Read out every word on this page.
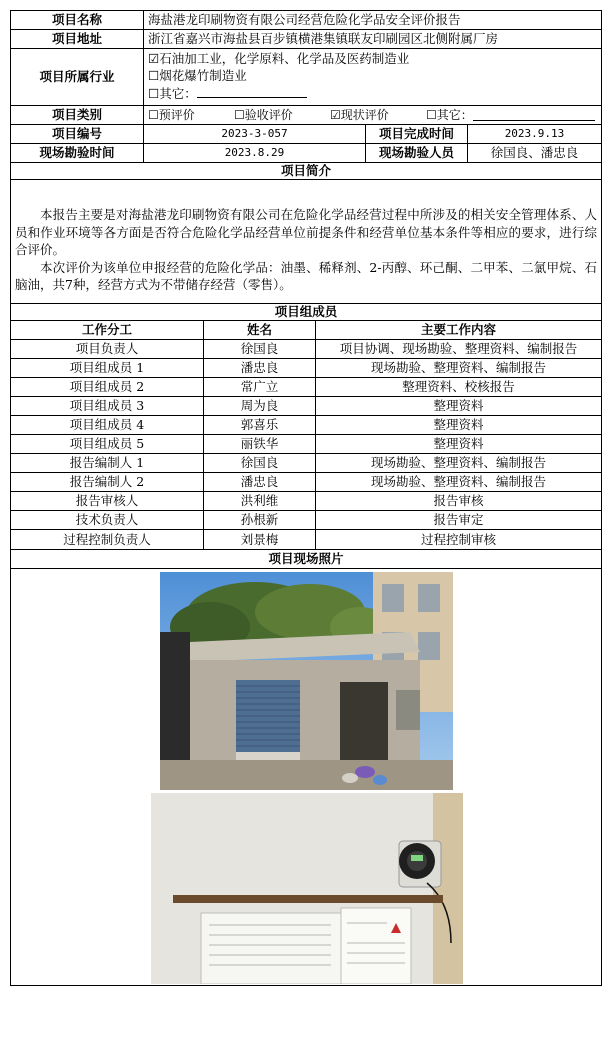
项目名称	海盐港龙印刷物资有限公司经营危险化学品安全评价报告
项目地址	浙江省嘉兴市海盐县百步镇横港集镇联友印刷园区北侧附属厂房
项目所属行业
☑石油加工业，化学原料、化学品及医药制造业
☐烟花爆竹制造业
☐其它：
项目类别	☐预评价	☐验收评价	☑现状评价	☐其它：
项目编号	2023-3-057	项目完成时间	2023.9.13
现场勘验时间	2023.8.29	现场勘验人员	徐国良、潘忠良
项目简介

本报告主要是对海盐港龙印刷物资有限公司在危险化学品经营过程中所涉及的相关安全管理体系、人员和作业环境等各方面是否符合危险化学品经营单位前提条件和经营单位基本条件等相应的要求，进行综合评价。

本次评价为该单位申报经营的危险化学品：油墨、稀释剂、2-丙醇、环己酮、二甲苯、二氯甲烷、石脑油，共7种，经营方式为不带储存经营（零售）。

项目组成员
工作分工	姓名	主要工作内容
项目负责人	徐国良	项目协调、现场勘验、整理资料、编制报告
项目组成员 1	潘忠良	现场勘验、整理资料、编制报告
项目组成员 2	常广立	整理资料、校核报告
项目组成员 3	周为良	整理资料
项目组成员 4	郭喜乐	整理资料
项目组成员 5	丽铁华	整理资料
报告编制人 1	徐国良	现场勘验、整理资料、编制报告
报告编制人 2	潘忠良	现场勘验、整理资料、编制报告
报告审核人	洪利维	报告审核
技术负责人	孙根新	报告审定
过程控制负责人	刘景梅	过程控制审核
项目现场照片
